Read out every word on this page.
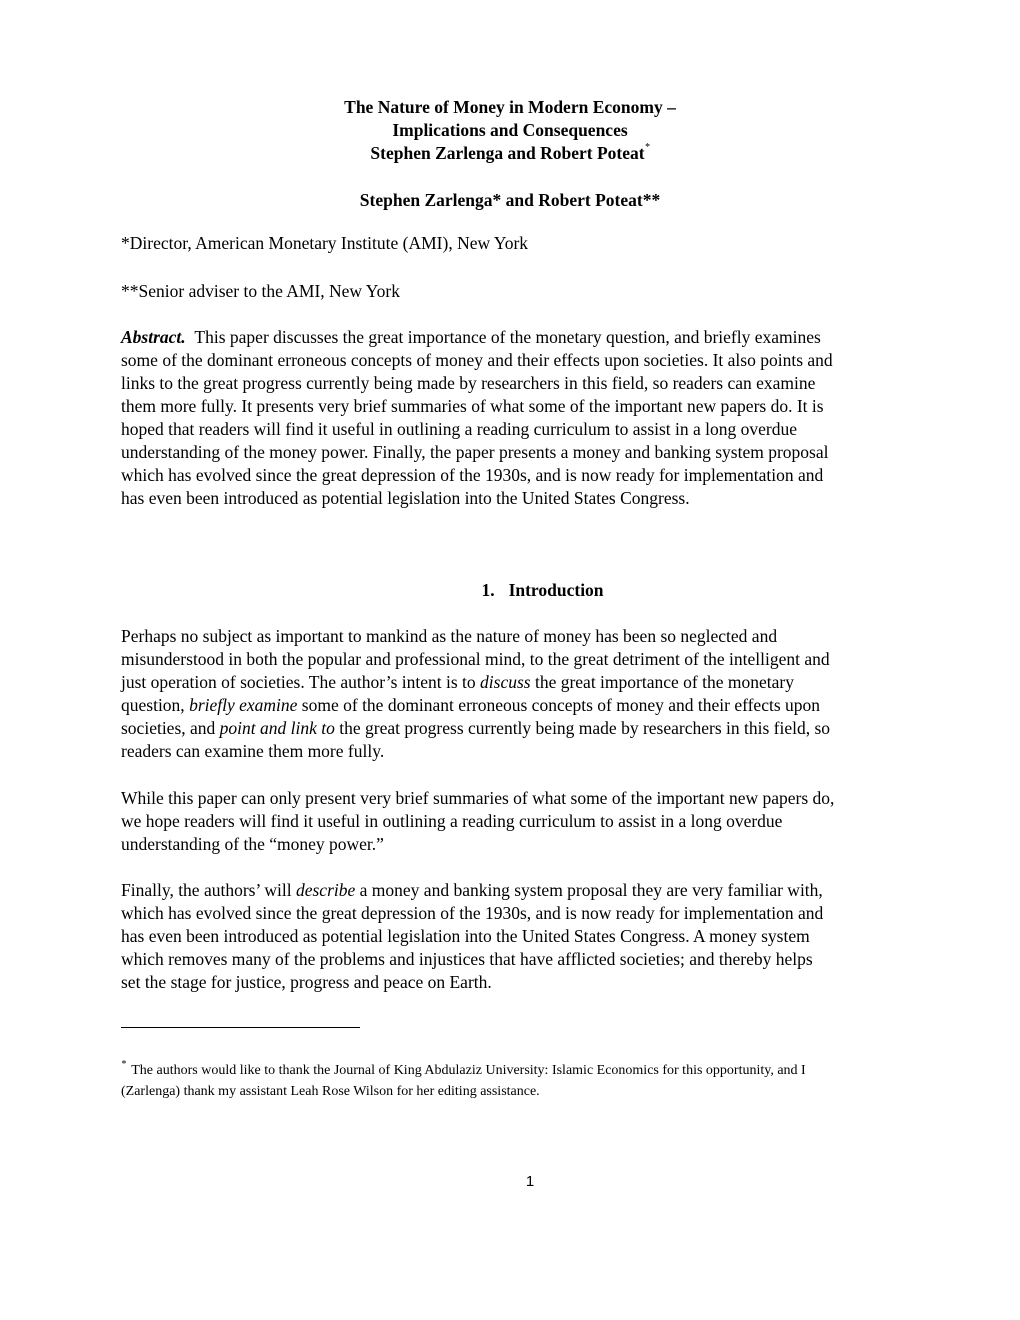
The Nature of Money in Modern Economy –
Implications and Consequences
Stephen Zarlenga and Robert Poteat*
Stephen Zarlenga* and Robert Poteat**
*Director, American Monetary Institute (AMI), New York
**Senior adviser to the AMI, New York
Abstract. This paper discusses the great importance of the monetary question, and briefly examines
some of the dominant erroneous concepts of money and their effects upon societies. It also points and
links to the great progress currently being made by researchers in this field, so readers can examine
them more fully. It presents very brief summaries of what some of the important new papers do. It is
hoped that readers will find it useful in outlining a reading curriculum to assist in a long overdue
understanding of the money power. Finally, the paper presents a money and banking system proposal
which has evolved since the great depression of the 1930s, and is now ready for implementation and
has even been introduced as potential legislation into the United States Congress.
1. Introduction
Perhaps no subject as important to mankind as the nature of money has been so neglected and
misunderstood in both the popular and professional mind, to the great detriment of the intelligent and
just operation of societies. The author’s intent is to discuss the great importance of the monetary
question, briefly examine some of the dominant erroneous concepts of money and their effects upon
societies, and point and link to the great progress currently being made by researchers in this field, so
readers can examine them more fully.
While this paper can only present very brief summaries of what some of the important new papers do,
we hope readers will find it useful in outlining a reading curriculum to assist in a long overdue
understanding of the “money power.”
Finally, the authors’ will describe a money and banking system proposal they are very familiar with,
which has evolved since the great depression of the 1930s, and is now ready for implementation and
has even been introduced as potential legislation into the United States Congress. A money system
which removes many of the problems and injustices that have afflicted societies; and thereby helps
set the stage for justice, progress and peace on Earth.
* The authors would like to thank the Journal of King Abdulaziz University: Islamic Economics for this opportunity, and I
(Zarlenga) thank my assistant Leah Rose Wilson for her editing assistance.
1
